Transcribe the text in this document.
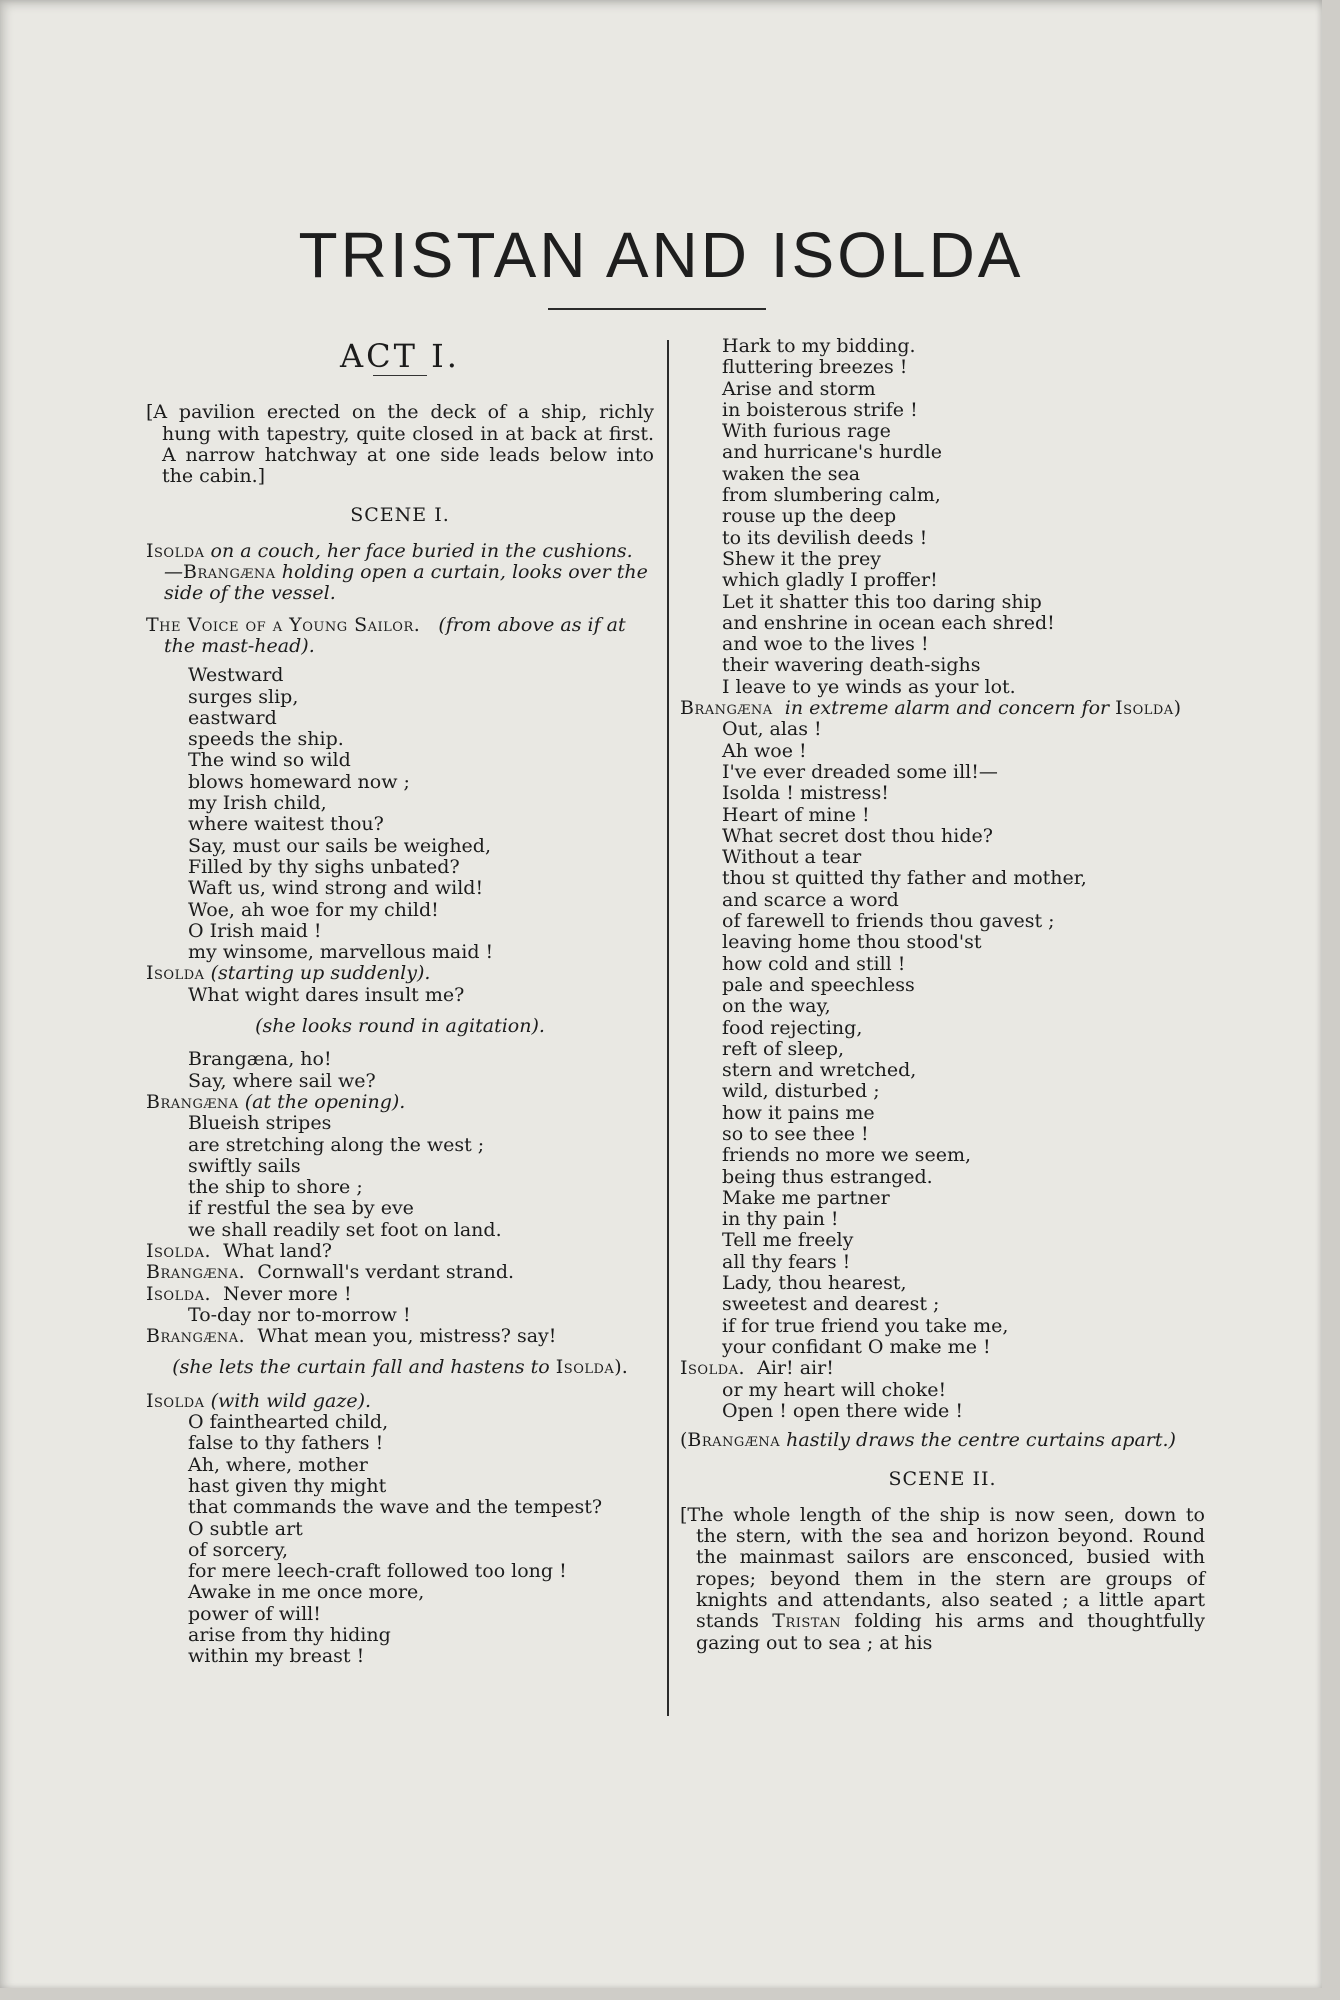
TRISTAN AND ISOLDA
ACT I.

[A pavilion erected on the deck of a ship, richly hung with tapestry, quite closed in at back at first. A narrow hatchway at one side leads below into the cabin.]

SCENE I.

Isolda on a couch, her face buried in the cushions. —Brangæna holding open a curtain, looks over the side of the vessel.

The Voice of a Young Sailor. (from above as if at the mast-head).

Westward

surges slip,

eastward

speeds the ship.

The wind so wild

blows homeward now ;

my Irish child,

where waitest thou?

Say, must our sails be weighed,

Filled by thy sighs unbated?

Waft us, wind strong and wild!

Woe, ah woe for my child!

O Irish maid !

my winsome, marvellous maid !

Isolda (starting up suddenly).

What wight dares insult me?

(she looks round in agitation).

Brangæna, ho!

Say, where sail we?

Brangæna (at the opening).

Blueish stripes

are stretching along the west ;

swiftly sails

the ship to shore ;

if restful the sea by eve

we shall readily set foot on land.

Isolda. What land?

Brangæna. Cornwall's verdant strand.

Isolda. Never more !

To-day nor to-morrow !

Brangæna. What mean you, mistress? say!

(she lets the curtain fall and hastens to Isolda).

Isolda (with wild gaze).

O fainthearted child,

false to thy fathers !

Ah, where, mother

hast given thy might

that commands the wave and the tempest?

O subtle art

of sorcery,

for mere leech-craft followed too long !

Awake in me once more,

power of will!

arise from thy hiding

within my breast !

Hark to my bidding.

fluttering breezes !

Arise and storm

in boisterous strife !

With furious rage

and hurricane's hurdle

waken the sea

from slumbering calm,

rouse up the deep

to its devilish deeds !

Shew it the prey

which gladly I proffer!

Let it shatter this too daring ship

and enshrine in ocean each shred!

and woe to the lives !

their wavering death-sighs

I leave to ye winds as your lot.

Brangæna in extreme alarm and concern for Isolda)

Out, alas !

Ah woe !

I've ever dreaded some ill!—

Isolda ! mistress!

Heart of mine !

What secret dost thou hide?

Without a tear

thou st quitted thy father and mother,

and scarce a word

of farewell to friends thou gavest ;

leaving home thou stood'st

how cold and still !

pale and speechless

on the way,

food rejecting,

reft of sleep,

stern and wretched,

wild, disturbed ;

how it pains me

so to see thee !

friends no more we seem,

being thus estranged.

Make me partner

in thy pain !

Tell me freely

all thy fears !

Lady, thou hearest,

sweetest and dearest ;

if for true friend you take me,

your confidant O make me !

Isolda. Air! air!

or my heart will choke!

Open ! open there wide !

(Brangæna hastily draws the centre curtains apart.)

SCENE II.

[The whole length of the ship is now seen, down to the stern, with the sea and horizon beyond. Round the mainmast sailors are ensconced, busied with ropes; beyond them in the stern are groups of knights and attendants, also seated ; a little apart stands Tristan folding his arms and thoughtfully gazing out to sea ; at his
